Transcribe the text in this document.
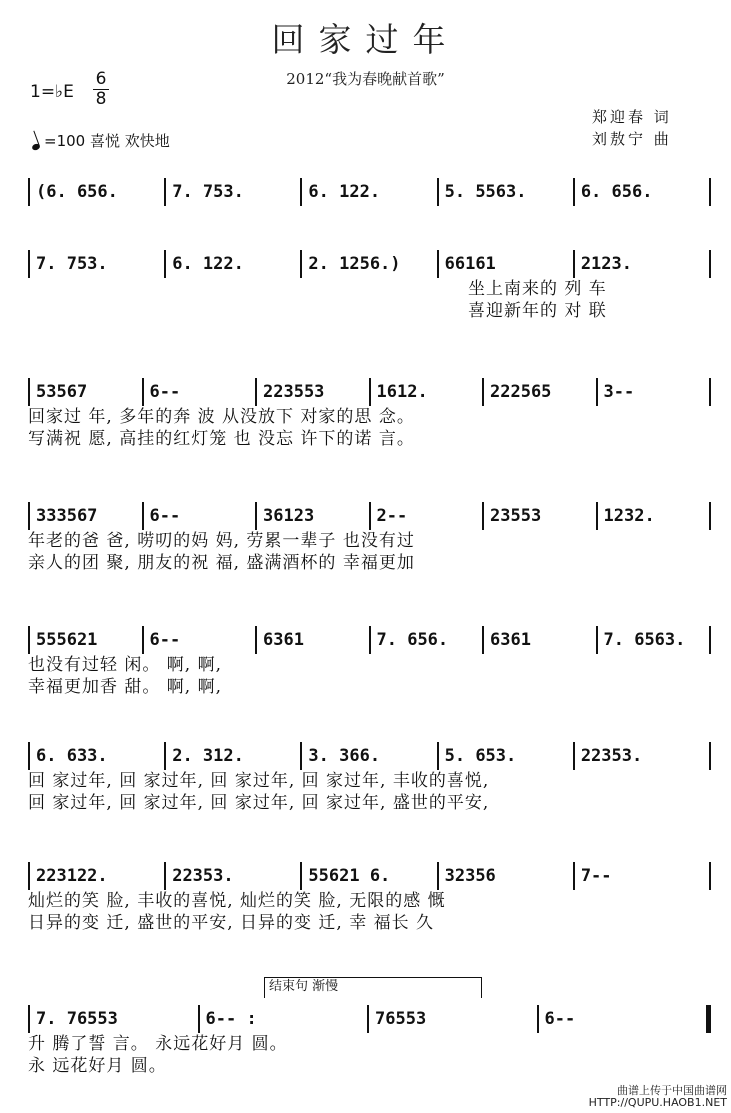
回家过年
2012“我为春晚献首歌”
1=♭E
6
8
=100 喜悦 欢快地
郑迎春 词
刘敖宁 曲
(6. 656.	7. 753.	6. 122.	5. 5563.	6. 656.
7. 753.	6. 122.	2. 1256.)	66161	2123.
坐上南来的 列 车
喜迎新年的 对 联
53567	6--	223553	1612.	222565	3--
回家过 年, 多年的奔 波 从没放下 对家的思 念。
写满祝 愿, 高挂的红灯笼 也 没忘 许下的诺 言。
333567	6--	36123	2--	23553	1232.
年老的爸 爸, 唠叨的妈 妈, 劳累一辈子 也没有过
亲人的团 聚, 朋友的祝 福, 盛满酒杯的 幸福更加
555621	6--	6361	7. 656.	6361	7. 6563.
也没有过轻 闲。 啊, 啊,
幸福更加香 甜。 啊, 啊,
6. 633.	2. 312.	3. 366.	5. 653.	22353.
回 家过年, 回 家过年, 回 家过年, 回 家过年, 丰收的喜悦,
回 家过年, 回 家过年, 回 家过年, 回 家过年, 盛世的平安,
223122.	22353.	55621 6.	32356	7--
灿烂的笑 脸, 丰收的喜悦, 灿烂的笑 脸, 无限的感 慨
日异的变 迁, 盛世的平安, 日异的变 迁, 幸 福长 久
7. 76553	6-- :	76553	6--
升 腾了誓 言。 永远花好月 圆。
永 远花好月 圆。
结束句 渐慢
曲谱上传于中国曲谱网
HTTP://QUPU.HAOB1.NET
